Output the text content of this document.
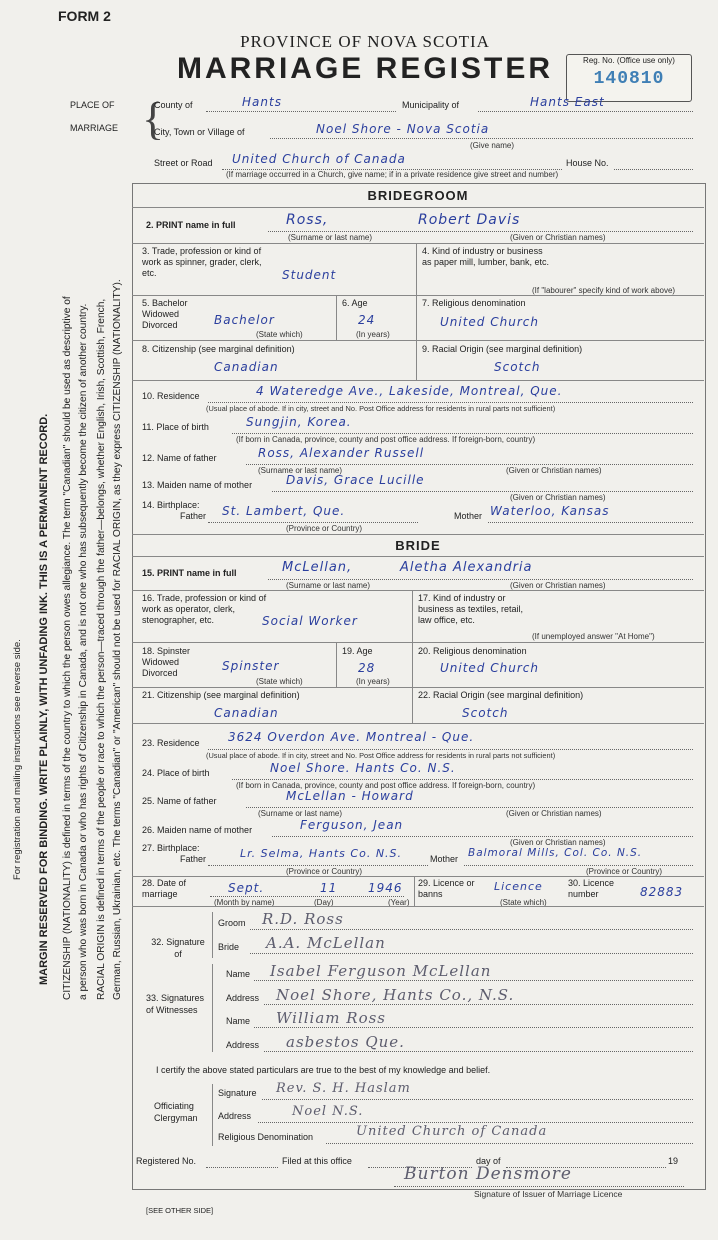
For registration and mailing instructions see reverse side. MARGIN RESERVED FOR BINDING. WRITE PLAINLY, WITH UNFADING INK. THIS IS A PERMANENT RECORD. CITIZENSHIP (NATIONALITY) is defined in terms of the country to which the person owes allegiance. The term "Canadian" should be used as descriptive of a person who was born in Canada or who has rights of Citizenship in Canada, and is not one who has subsequently become the citizen of another country. RACIAL ORIGIN is defined in terms of the people or race to which the person—traced through the father—belongs, whether English, Irish, Scottish, French, German, Russian, Ukrainian, etc. The terms "Canadian" or "American" should not be used for RACIAL ORIGIN, as they express CITIZENSHIP (NATIONALITY).
FORM 2
PROVINCE OF NOVA SCOTIA
MARRIAGE REGISTER	Reg. No. (Office use only)
140810
PLACE OF
MARRIAGE {
County of	Hants	Municipality of	Hants East
City, Town or Village of	Noel Shore - Nova Scotia
(Give name)
Street or Road United Church of Canada	House No.
(If marriage occurred in a Church, give name; if in a private residence give street and number)
BRIDEGROOM
2. PRINT name in full	Ross,	Robert Davis
(Surname or last name)	(Given or Christian names)
3. Trade, profession or kind of work as spinner, grader, clerk, etc.	Student
4. Kind of industry or business as paper mill, lumber, bank, etc.
(If "labourer" specify kind of work above)
5. Bachelor Widowed Divorced	Bachelor
(State which)
6. Age
24
(In years)
7. Religious denomination
United Church
8. Citizenship (see marginal definition)
Canadian
9. Racial Origin (see marginal definition)
Scotch
10. Residence	4 Wateredge Ave., Lakeside, Montreal, Que.
(Usual place of abode. If in city, street and No. Post Office address for residents in rural parts not sufficient)
11. Place of birth	Sungjin, Korea.
(If born in Canada, province, county and post office address. If foreign-born, country)
12. Name of father	Ross, Alexander Russell
(Surname or last name)	(Given or Christian names)
13. Maiden name of mother	Davis, Grace Lucille
(Given or Christian names)
14. Birthplace:
Father St. Lambert, Que.
(Province or Country)
Mother Waterloo, Kansas
BRIDE
15. PRINT name in full	McLellan,	Aletha Alexandria
(Surname or last name)	(Given or Christian names)
16. Trade, profession or kind of work as operator, clerk, stenographer, etc.	Social Worker
17. Kind of industry or business as textiles, retail, law office, etc.
(If unemployed answer "At Home")
18. Spinster Widowed Divorced	Spinster
(State which)
19. Age
28
(In years)
20. Religious denomination
United Church
21. Citizenship (see marginal definition)
Canadian
22. Racial Origin (see marginal definition)
Scotch
23. Residence 3624 Overdon Ave. Montreal - Que.
(Usual place of abode. If in city, street and No. Post Office address for residents in rural parts not sufficient)
24. Place of birth	Noel Shore. Hants Co. N.S.
(If born in Canada, province, county and post office address. If foreign-born, country)
25. Name of father	McLellan - Howard
(Surname or last name)	(Given or Christian names)
26. Maiden name of mother	Ferguson, Jean
(Given or Christian names)
27. Birthplace:
Father	Lr. Selma, Hants Co. N.S.
(Province or Country)
Mother Balmoral Mills, Col. Co. N.S.
(Province or Country)
28. Date of marriage	Sept.	11	1946
(Month by name)	(Day)	(Year)
29. Licence or banns
Licence
(State which)
30. Licence number	82883
32. Signature of
Groom R.D. Ross
Bride A.A. McLellan
33. Signatures of Witnesses
Name Isabel Ferguson McLellan
Address Noel Shore, Hants Co., N.S.
Name William Ross
Address asbestos Que.
I certify the above stated particulars are true to the best of my knowledge and belief.
Officiating Clergyman
Signature Rev. S. H. Haslam
Address	Noel N.S.
Religious Denomination	United Church of Canada
Registered No.	Filed at this office	day of	19
Burton Densmore
Signature of Issuer of Marriage Licence
[SEE OTHER SIDE]
